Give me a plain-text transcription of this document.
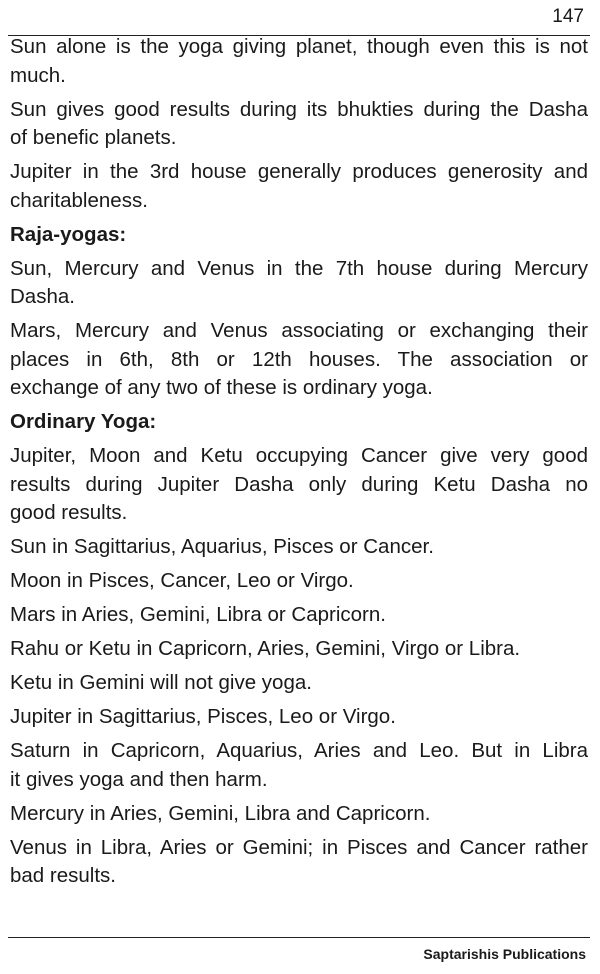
147
Sun alone is the yoga giving planet, though even this is not
much.
Sun gives good results during its bhukties during the Dasha
of benefic planets.
Jupiter in the 3rd house generally produces generosity and
charitableness.
Raja-yogas:
Sun, Mercury and Venus in the 7th house during Mercury
Dasha.
Mars, Mercury and Venus associating or exchanging their
places in 6th, 8th or 12th houses. The association or
exchange of any two of these is ordinary yoga.
Ordinary Yoga:
Jupiter, Moon and Ketu occupying Cancer give very good
results during Jupiter Dasha only during Ketu Dasha no
good results.
Sun in Sagittarius, Aquarius, Pisces or Cancer.
Moon in Pisces, Cancer, Leo or Virgo.
Mars in Aries, Gemini, Libra or Capricorn.
Rahu or Ketu in Capricorn, Aries, Gemini, Virgo or Libra.
Ketu in Gemini will not give yoga.
Jupiter in Sagittarius, Pisces, Leo or Virgo.
Saturn in Capricorn, Aquarius, Aries and Leo. But in Libra
it gives yoga and then harm.
Mercury in Aries, Gemini, Libra and Capricorn.
Venus in Libra, Aries or Gemini; in Pisces and Cancer rather
bad results.
Saptarishis Publications
